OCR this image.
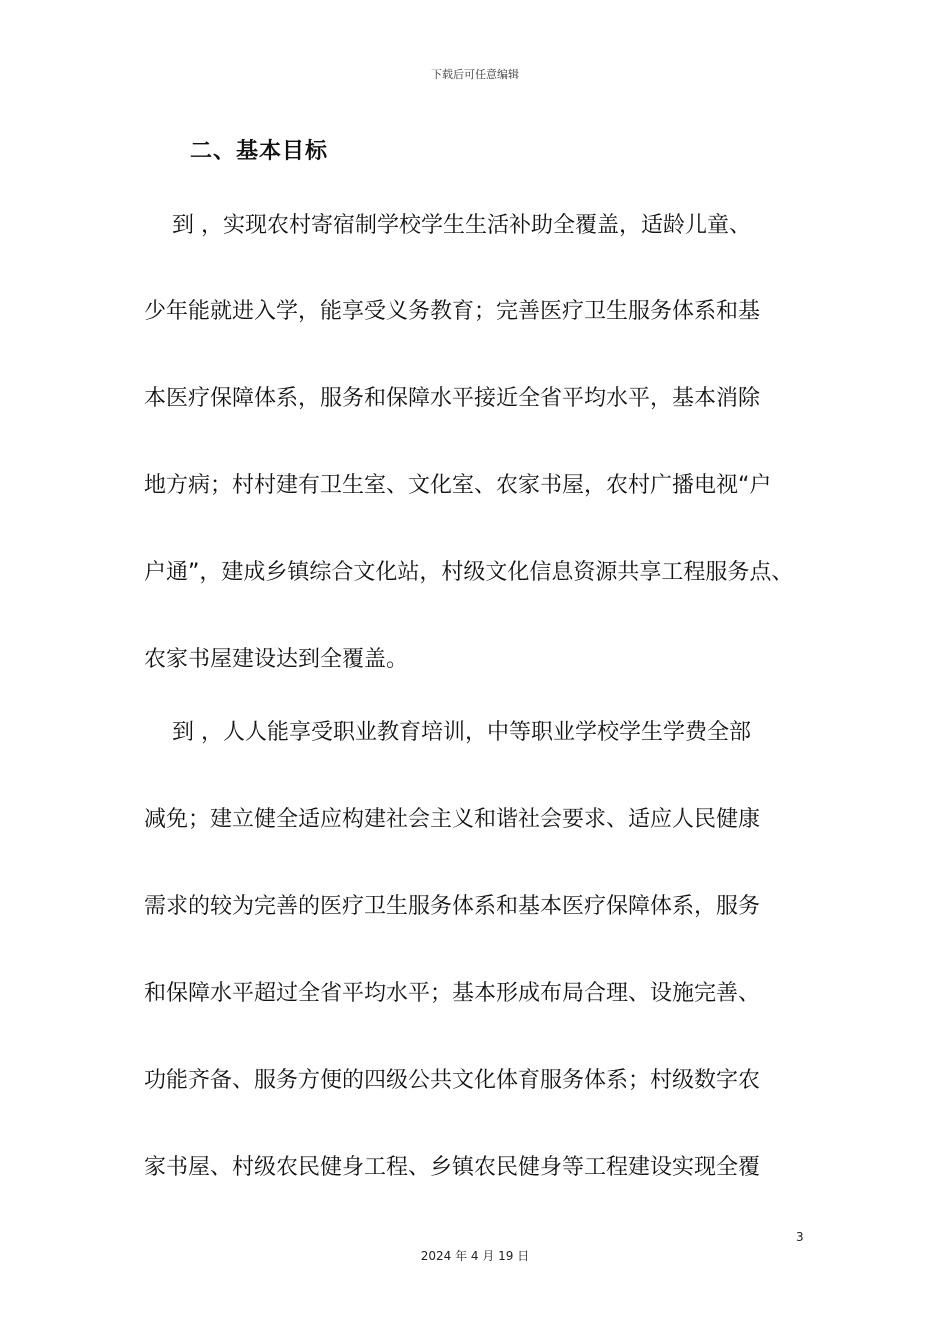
下载后可任意编辑
二、基本目标
到 ，实现农村寄宿制学校学生生活补助全覆盖，适龄儿童、
少年能就进入学，能享受义务教育；完善医疗卫生服务体系和基
本医疗保障体系，服务和保障水平接近全省平均水平，基本消除
地方病；村村建有卫生室、文化室、农家书屋，农村广播电视“户
户通”，建成乡镇综合文化站，村级文化信息资源共享工程服务点、
农家书屋建设达到全覆盖。
到 ，人人能享受职业教育培训，中等职业学校学生学费全部
减免；建立健全适应构建社会主义和谐社会要求、适应人民健康
需求的较为完善的医疗卫生服务体系和基本医疗保障体系，服务
和保障水平超过全省平均水平；基本形成布局合理、设施完善、
功能齐备、服务方便的四级公共文化体育服务体系；村级数字农
家书屋、村级农民健身工程、乡镇农民健身等工程建设实现全覆
3
2024 年 4 月 19 日
